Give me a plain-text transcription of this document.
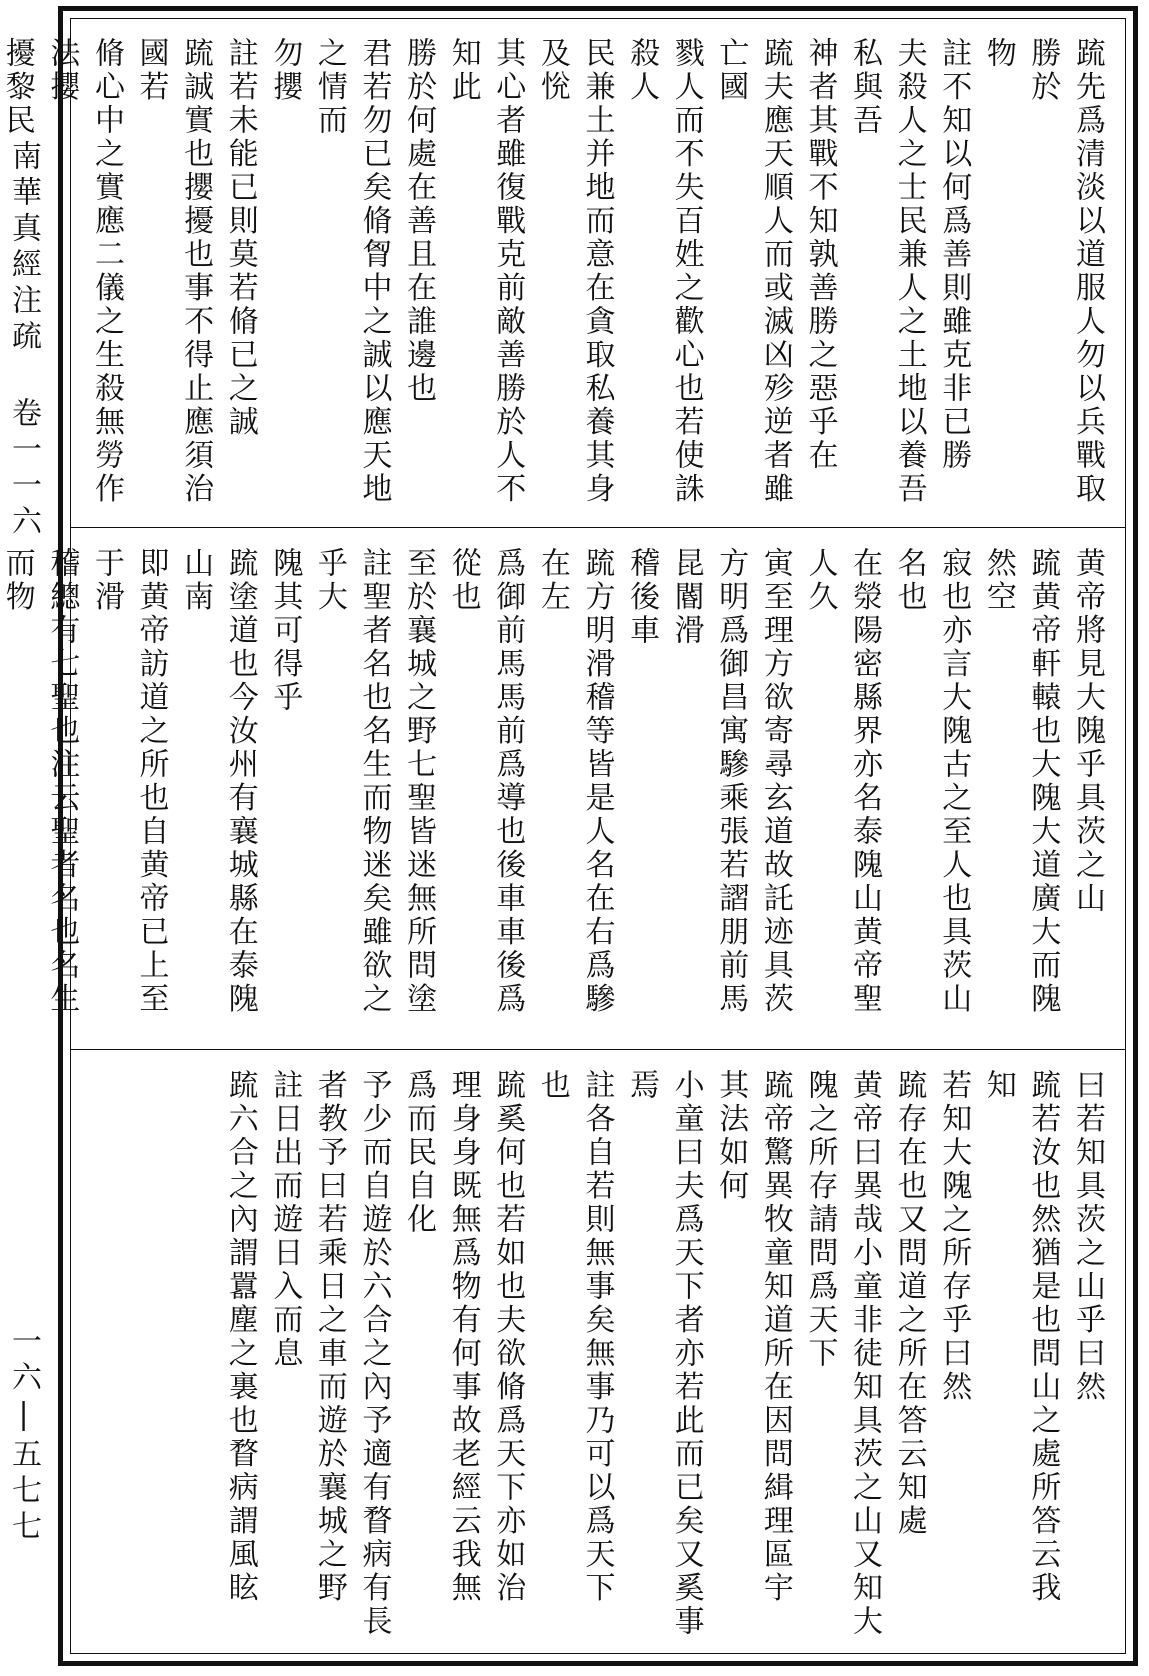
南華真經注疏 卷一一六
一六|五七七
䟽先爲清淡以道服人勿以兵戰取勝於
物
註不知以何爲善則雖克非已勝
夫殺人之士民兼人之土地以養吾私與吾
神者其戰不知孰善勝之惡乎在
䟽夫應天順人而或滅凶殄逆者雖亡國
戮人而不失百姓之歡心也若使誅殺人
民兼土并地而意在貪取私養其身及恱
其心者雖復戰克前敵善勝於人不知此
勝於何處在善且在誰邊也
君若勿已矣脩胷中之誠以應天地之情而
勿攖
註若未能已則莫若脩已之誠
䟽誠實也攖擾也事不得止應須治國若
脩心中之實應二儀之生殺無勞作法攖
擾黎民
黄帝將見大隗乎具茨之山
䟽黄帝軒轅也大隗大道廣大而隗然空
寂也亦言大隗古之至人也具茨山名也
在滎陽密縣界亦名泰隗山黄帝聖人久
寅至理方欲寄尋玄道故託迹具茨
方明爲御昌寓驂乘張若謵朋前馬昆閽滑
稽後車
䟽方明滑稽等皆是人名在右爲驂在左
爲御前馬馬前爲導也後車車後爲從也
至於襄城之野七聖皆迷無所問塗
註聖者名也名生而物迷矣雖欲之乎大
隗其可得乎
䟽塗道也今汝州有襄城縣在泰隗山南
即黄帝訪道之所也自黄帝已上至于滑
稽總有七聖也注云聖者名也名生而物
曰若知具茨之山乎曰然
䟽若汝也然猶是也問山之處所答云我
知
若知大隗之所存乎曰然
䟽存在也又問道之所在答云知處
黄帝曰異哉小童非徒知具茨之山又知大
隗之所存請問爲天下
䟽帝驚異牧童知道所在因問緝理區宇
其法如何
小童曰夫爲天下者亦若此而已矣又奚事
焉
註各自若則無事矣無事乃可以爲天下
也
䟽奚何也若如也夫欲脩爲天下亦如治
理身身既無爲物有何事故老經云我無
爲而民自化
予少而自遊於六合之內予適有瞀病有長
者教予曰若乘日之車而遊於襄城之野
註日出而遊日入而息
䟽六合之內謂囂塵之裏也瞀病謂風眩
